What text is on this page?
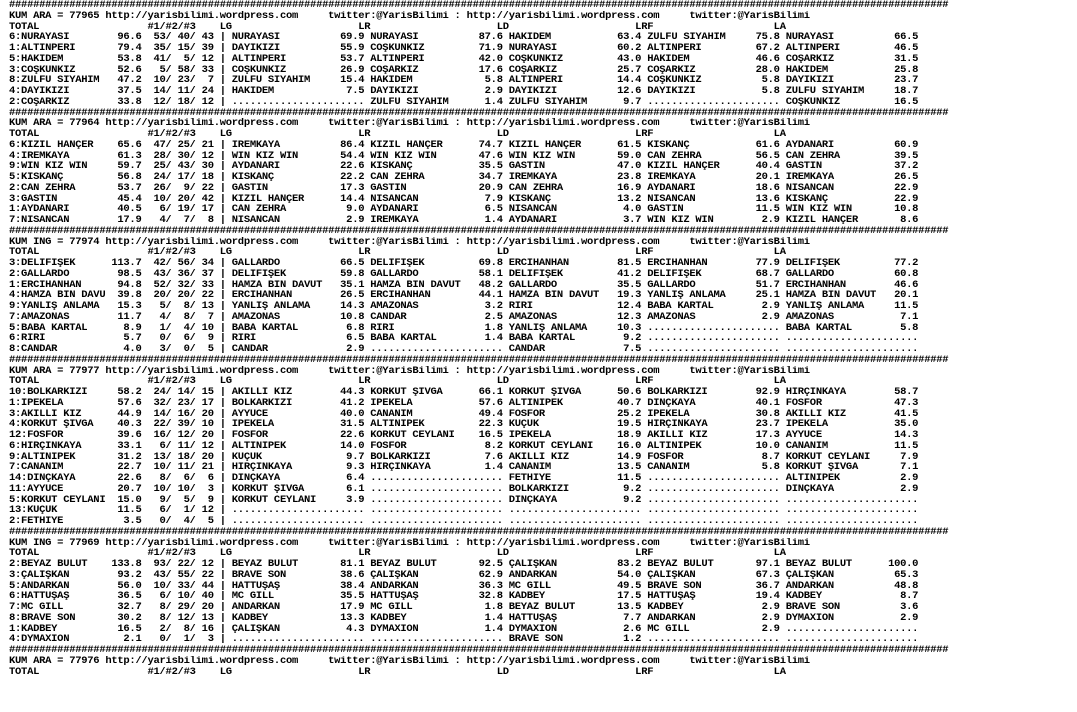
############################################################################################################################################################
KUM ARA = 77965 http://yarisbilimi.wordpress.com     twitter:@YarisBilimi : http://yarisbilimi.wordpress.com     twitter:@YarisBilimi
TOTAL                  #1/#2/#3    LG                     LR                     LD                     LRF                    LA
6:NURAYASI        96.6  53/ 40/ 43 | NURAYASI          69.9 NURAYASI          87.6 HAKIDEM           63.4 ZÜLFÜ SİYAHIM     75.8 NURAYASI          66.5
1:ALTINPERİ       79.4  35/ 15/ 39 | DAYIKIZI          55.9 COŞKUNKIZ         71.9 NURAYASI          60.2 ALTINPERİ         67.2 ALTINPERİ         46.5
5:HAKIDEM         53.8  41/  5/ 12 | ALTINPERİ         53.7 ALTINPERİ         42.0 COŞKUNKIZ         43.0 HAKIDEM           46.6 COŞARKIZ          31.5
3:COŞKUNKIZ       52.6   5/ 58/ 33 | COŞKUNKIZ         26.9 COŞARKIZ          17.6 COŞARKIZ          25.7 COŞARKIZ          28.0 HAKIDEM           25.8
8:ZÜLFÜ SİYAHIM   47.2  10/ 23/  7 | ZÜLFÜ SİYAHIM     15.4 HAKIDEM            5.8 ALTINPERİ         14.4 COŞKUNKIZ          5.8 DAYIKIZI          23.7
4:DAYIKIZI        37.5  14/ 11/ 24 | HAKIDEM            7.5 DAYIKIZI           2.9 DAYIKIZI          12.6 DAYIKIZI           5.8 ZÜLFÜ SİYAHIM     18.7
2:COŞARKIZ        33.8  12/ 18/ 12 | ...................... ZÜLFÜ SİYAHIM      1.4 ZÜLFÜ SİYAHIM      9.7 ...................... COŞKUNKIZ         16.5
############################################################################################################################################################
KUM ARA = 77964 http://yarisbilimi.wordpress.com     twitter:@YarisBilimi : http://yarisbilimi.wordpress.com     twitter:@YarisBilimi
TOTAL                  #1/#2/#3    LG                     LR                     LD                     LRF                    LA
6:KIZIL HANÇER    65.6  47/ 25/ 21 | İREMKAYA          86.4 KIZIL HANÇER      74.7 KIZIL HANÇER      61.5 KISKANÇ           61.6 AYDANARI          60.9
4:İREMKAYA        61.3  28/ 30/ 12 | WIN KIZ WIN       54.4 WIN KIZ WIN       47.6 WIN KIZ WIN       59.0 CAN ZEHRA         56.5 CAN ZEHRA         39.5
9:WIN KIZ WIN     59.7  25/ 43/ 30 | AYDANARI          22.6 KISKANÇ           35.5 GASTİN            47.0 KIZIL HANÇER      40.4 GASTİN            37.2
5:KISKANÇ         56.8  24/ 17/ 18 | KISKANÇ           22.2 CAN ZEHRA         34.7 İREMKAYA          23.8 İREMKAYA          20.1 İREMKAYA          26.5
2:CAN ZEHRA       53.7  26/  9/ 22 | GASTİN            17.3 GASTİN            20.9 CAN ZEHRA         16.9 AYDANARI          18.6 NİSANCAN          22.9
3:GASTİN          45.4  10/ 20/ 42 | KIZIL HANÇER      14.4 NİSANCAN           7.9 KISKANÇ           13.2 NİSANCAN          13.6 KISKANÇ           22.9
1:AYDANARI        40.5   6/ 19/ 17 | CAN ZEHRA          9.0 AYDANARI           6.5 NİSANCAN           4.0 GASTİN            11.5 WIN KIZ WIN       10.8
7:NİSANCAN        17.9   4/  7/  8 | NİSANCAN           2.9 İREMKAYA           1.4 AYDANARI           3.7 WIN KIZ WIN        2.9 KIZIL HANÇER       8.6
############################################################################################################################################################
KUM ING = 77974 http://yarisbilimi.wordpress.com     twitter:@YarisBilimi : http://yarisbilimi.wordpress.com     twitter:@YarisBilimi
TOTAL                  #1/#2/#3    LG                     LR                     LD                     LRF                    LA
3:DELİFİŞEK      113.7  42/ 56/ 34 | GALLARDO          66.5 DELİFİŞEK         69.8 ERCİHANHAN        81.5 ERCİHANHAN        77.9 DELİFİŞEK         77.2
2:GALLARDO        98.5  43/ 36/ 37 | DELİFİŞEK         59.8 GALLARDO          58.1 DELİFİŞEK         41.2 DELİFİŞEK         68.7 GALLARDO          60.8
1:ERCİHANHAN      94.8  52/ 32/ 33 | HAMZA BIN DAVUT   35.1 HAMZA BIN DAVUT   48.2 GALLARDO          35.5 GALLARDO          51.7 ERCİHANHAN        46.6
4:HAMZA BIN DAVU  39.8  20/ 20/ 22 | ERCİHANHAN        26.5 ERCİHANHAN        44.1 HAMZA BIN DAVUT   19.3 YANLIŞ ANLAMA     25.1 HAMZA BIN DAVUT   20.1
9:YANLIŞ ANLAMA   15.3   5/  8/ 13 | YANLIŞ ANLAMA     14.3 AMAZONAS           3.2 RİRİ              12.4 BABA KARTAL        2.9 YANLIŞ ANLAMA     11.5
7:AMAZONAS        11.7   4/  8/  7 | AMAZONAS          10.8 CANDAR             2.5 AMAZONAS          12.3 AMAZONAS           2.9 AMAZONAS           7.1
5:BABA KARTAL      8.9   1/  4/ 10 | BABA KARTAL        6.8 RİRİ               1.8 YANLIŞ ANLAMA     10.3 ...................... BABA KARTAL        5.8
6:RİRİ             5.7   0/  6/  9 | RİRİ               6.5 BABA KARTAL        1.4 BABA KARTAL        9.2 ...................... ......................
8:CANDAR           4.0   3/  0/  5 | CANDAR             2.9 ...................... CANDAR             7.5 ...................... ......................
############################################################################################################################################################
KUM ARA = 77977 http://yarisbilimi.wordpress.com     twitter:@YarisBilimi : http://yarisbilimi.wordpress.com     twitter:@YarisBilimi
TOTAL                  #1/#2/#3    LG                     LR                     LD                     LRF                    LA
10:BOLKARKIZI     58.2  24/ 14/ 15 | AKILLI KIZ        44.3 KORKUT ŞIVGA      66.1 KORKUT ŞIVGA      50.6 BOLKARKIZI        92.9 HIRÇINKAYA        58.7
1:İPEKELA         57.6  32/ 23/ 17 | BOLKARKIZI        41.2 İPEKELA           57.6 ALTINİPEK         40.7 DİNÇKAYA          40.1 FOSFOR            47.3
3:AKILLI KIZ      44.9  14/ 16/ 20 | AYYÜCE            40.0 CANANIM           49.4 FOSFOR            25.2 İPEKELA           30.8 AKILLI KIZ        41.5
4:KORKUT ŞIVGA    40.3  22/ 39/ 10 | İPEKELA           31.5 ALTINİPEK         22.3 KÜÇÜK             19.5 HIRÇINKAYA        23.7 İPEKELA           35.0
12:FOSFOR         39.6  16/ 12/ 20 | FOSFOR            22.6 KORKUT CEYLANI    16.5 İPEKELA           18.9 AKILLI KIZ        17.3 AYYÜCE            14.3
6:HIRÇINKAYA      33.1   6/ 11/ 12 | ALTINİPEK         14.0 FOSFOR             8.2 KORKUT CEYLANI    16.0 ALTINİPEK         10.0 CANANIM           11.5
9:ALTINİPEK       31.2  13/ 18/ 20 | KÜÇÜK              9.7 BOLKARKIZI         7.6 AKILLI KIZ        14.9 FOSFOR             8.7 KORKUT CEYLANI     7.9
7:CANANIM         22.7  10/ 11/ 21 | HIRÇINKAYA         9.3 HIRÇINKAYA         1.4 CANANIM           13.5 CANANIM            5.8 KORKUT ŞIVGA       7.1
14:DİNÇKAYA       22.6   8/  6/  6 | DİNÇKAYA           6.4 ...................... FETHİYE           11.5 ...................... ALTINİPEK          2.9
11:AYYÜCE         20.7  10/ 10/  3 | KORKUT ŞIVGA       6.1 ...................... BOLKARKIZI         9.2 ...................... DİNÇKAYA           2.9
5:KORKUT CEYLANI  15.0   9/  5/  9 | KORKUT CEYLANI     3.9 ...................... DİNÇKAYA           9.2 ...................... ......................
13:KÜÇÜK          11.5   6/  1/ 12 | ...................... ...................... ...................... ...................... ......................
2:FETHİYE          3.5   0/  4/  5 | ...................... ...................... ...................... ...................... ......................
############################################################################################################################################################
KUM ING = 77969 http://yarisbilimi.wordpress.com     twitter:@YarisBilimi : http://yarisbilimi.wordpress.com     twitter:@YarisBilimi
TOTAL                  #1/#2/#3    LG                     LR                     LD                     LRF                    LA
2:BEYAZ BULUT    133.8  93/ 22/ 12 | BEYAZ BULUT       81.1 BEYAZ BULUT       92.5 ÇALIŞKAN          83.2 BEYAZ BULUT       97.1 BEYAZ BULUT      100.0
3:ÇALIŞKAN        93.2  43/ 55/ 22 | BRAVE SON         38.6 ÇALIŞKAN          62.9 ANDARKAN          54.0 ÇALIŞKAN          67.3 ÇALIŞKAN          65.3
5:ANDARKAN        56.0  10/ 33/ 44 | HATTUŞAŞ          38.4 ANDARKAN          36.3 MC GILL           49.5 BRAVE SON         36.7 ANDARKAN          48.8
6:HATTUŞAŞ        36.5   6/ 10/ 40 | MC GILL           35.5 HATTUŞAŞ          32.8 KADBEY            17.5 HATTUŞAŞ          19.4 KADBEY             8.7
7:MC GILL         32.7   8/ 29/ 20 | ANDARKAN          17.9 MC GILL            1.8 BEYAZ BULUT       13.5 KADBEY             2.9 BRAVE SON          3.6
8:BRAVE SON       30.2   8/ 12/ 13 | KADBEY            13.3 KADBEY             1.4 HATTUŞAŞ           7.7 ANDARKAN           2.9 DYMAXION           2.9
1:KADBEY          16.5   2/  8/ 16 | ÇALIŞKAN           4.3 DYMAXION           1.4 DYMAXION           2.6 MC GILL            2.9 ......................
4:DYMAXION         2.1   0/  1/  3 | ...................... ...................... BRAVE SON          1.2 ...................... ......................
############################################################################################################################################################
KUM ARA = 77976 http://yarisbilimi.wordpress.com     twitter:@YarisBilimi : http://yarisbilimi.wordpress.com     twitter:@YarisBilimi
TOTAL                  #1/#2/#3    LG                     LR                     LD                     LRF                    LA
